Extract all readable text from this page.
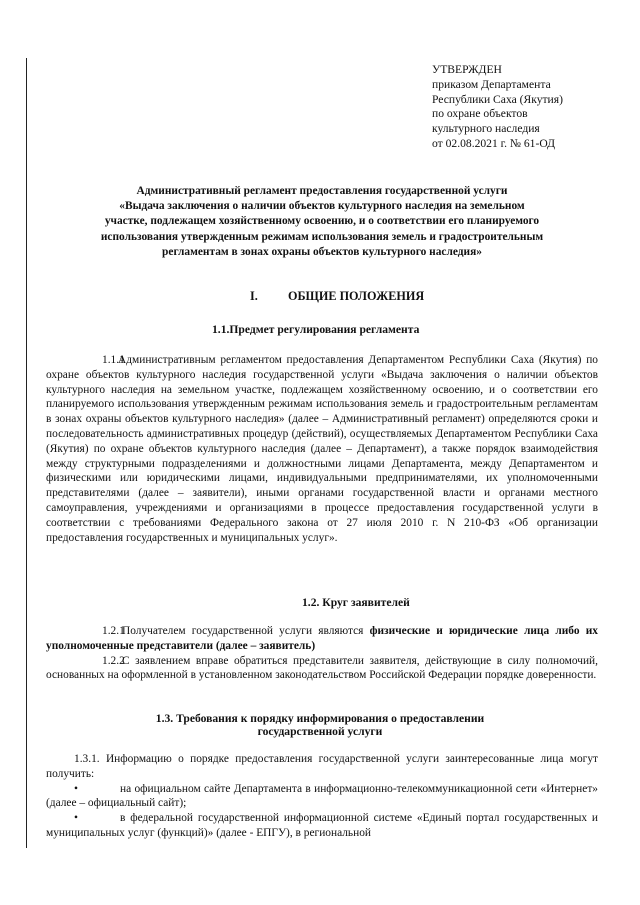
УТВЕРЖДЕН
приказом Департамента
Республики Саха (Якутия)
по охране объектов
культурного наследия
от 02.08.2021 г. № 61-ОД
Административный регламент предоставления государственной услуги
«Выдача заключения о наличии объектов культурного наследия на земельном
участке, подлежащем хозяйственному освоению, и о соответствии его планируемого
использования утвержденным режимам использования земель и градостроительным
регламентам в зонах охраны объектов культурного наследия»
I. ОБЩИЕ ПОЛОЖЕНИЯ
1.1.Предмет регулирования регламента

1.1.1Административным регламентом предоставления Департаментом Республики Саха (Якутия) по охране объектов культурного наследия государственной услуги «Выдача заключения о наличии объектов культурного наследия на земельном участке, подлежащем хозяйственному освоению, и о соответствии его планируемого использования утвержденным режимам использования земель и градостроительным регламентам в зонах охраны объектов культурного наследия» (далее – Административный регламент) определяются сроки и последовательность административных процедур (действий), осуществляемых Департаментом Республики Саха (Якутия) по охране объектов культурного наследия (далее – Департамент), а также порядок взаимодействия между структурными подразделениями и должностными лицами Департамента, между Департаментом и физическими или юридическими лицами, индивидуальными предпринимателями, их уполномоченными представителями (далее – заявители), иными органами государственной власти и органами местного самоуправления, учреждениями и организациями в процессе предоставления государственной услуги в соответствии с требованиями Федерального закона от 27 июля 2010 г. N 210-ФЗ «Об организации предоставления государственных и муниципальных услуг».

1.2. Круг заявителей

1.2.1Получателем государственной услуги являются физические и юридические лица либо их уполномоченные представители (далее – заявитель)

1.2.2С заявлением вправе обратиться представители заявителя, действующие в силу полномочий, основанных на оформленной в установленном законодательством Российской Федерации порядке доверенности.

1.3. Требования к порядку информирования о предоставлении
государственной услуги

1.3.1. Информацию о порядке предоставления государственной услуги заинтересованные лица могут получить:

•	на официальном сайте Департамента в информационно-телекоммуникационной сети «Интернет» (далее – официальный сайт);

•	в федеральной государственной информационной системе «Единый портал государственных и муниципальных услуг (функций)» (далее - ЕПГУ), в региональной
